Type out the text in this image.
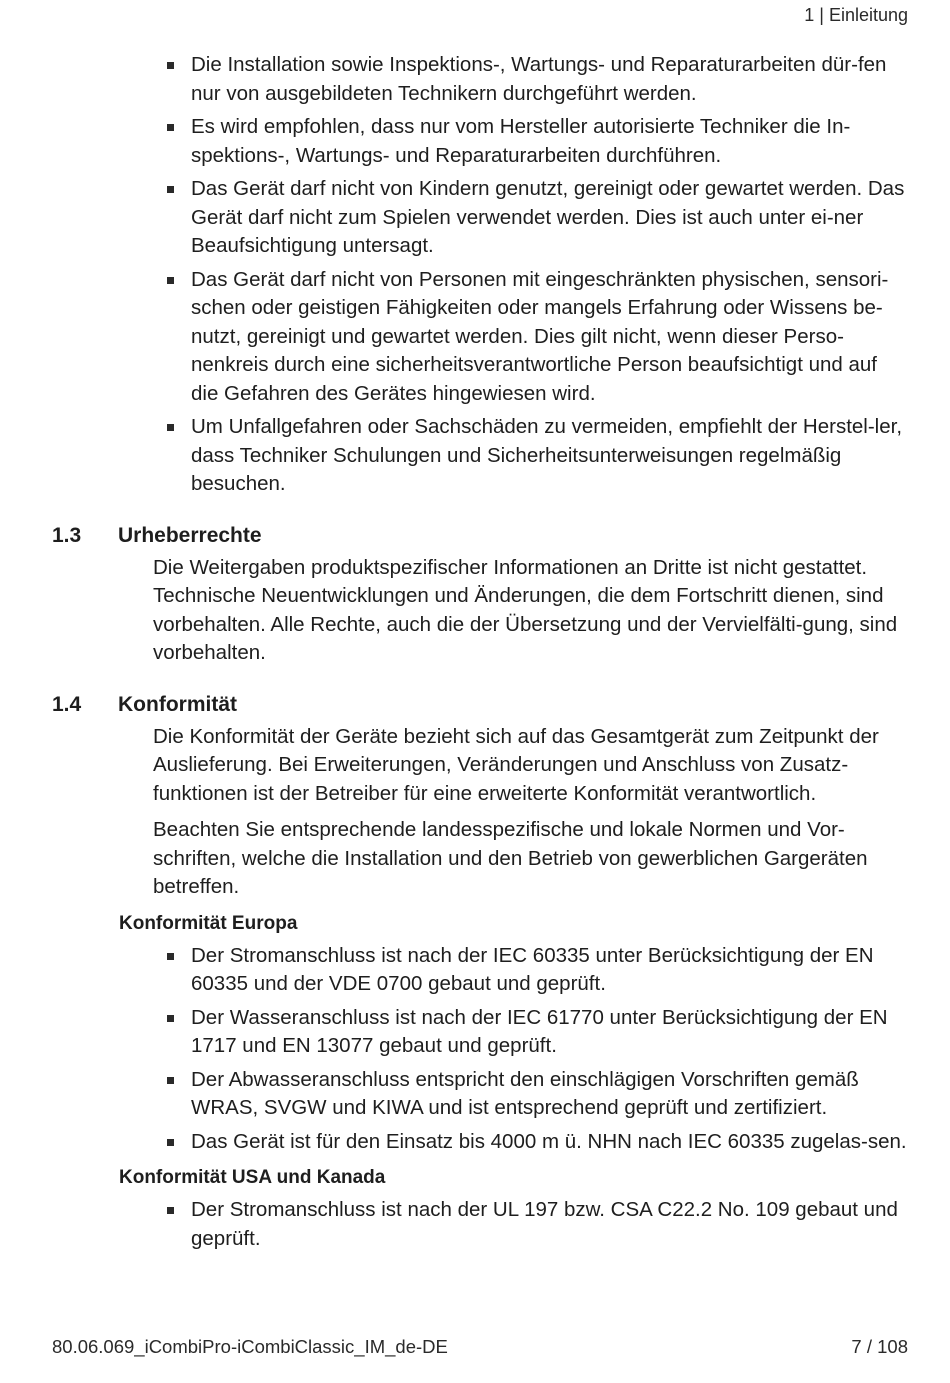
1 | Einleitung
Die Installation sowie Inspektions-, Wartungs- und Reparaturarbeiten dür-fen nur von ausgebildeten Technikern durchgeführt werden.
Es wird empfohlen, dass nur vom Hersteller autorisierte Techniker die In-spektions-, Wartungs- und Reparaturarbeiten durchführen.
Das Gerät darf nicht von Kindern genutzt, gereinigt oder gewartet werden. Das Gerät darf nicht zum Spielen verwendet werden. Dies ist auch unter ei-ner Beaufsichtigung untersagt.
Das Gerät darf nicht von Personen mit eingeschränkten physischen, sensori-schen oder geistigen Fähigkeiten oder mangels Erfahrung oder Wissens be-nutzt, gereinigt und gewartet werden. Dies gilt nicht, wenn dieser Perso-nenkreis durch eine sicherheitsverantwortliche Person beaufsichtigt und auf die Gefahren des Gerätes hingewiesen wird.
Um Unfallgefahren oder Sachschäden zu vermeiden, empfiehlt der Herstel-ler, dass Techniker Schulungen und Sicherheitsunterweisungen regelmäßig besuchen.
1.3 Urheberrechte

Die Weitergaben produktspezifischer Informationen an Dritte ist nicht gestattet. Technische Neuentwicklungen und Änderungen, die dem Fortschritt dienen, sind vorbehalten. Alle Rechte, auch die der Übersetzung und der Vervielfälti-gung, sind vorbehalten.

1.4 Konformität

Die Konformität der Geräte bezieht sich auf das Gesamtgerät zum Zeitpunkt der Auslieferung. Bei Erweiterungen, Veränderungen und Anschluss von Zusatz-funktionen ist der Betreiber für eine erweiterte Konformität verantwortlich.

Beachten Sie entsprechende landesspezifische und lokale Normen und Vor-schriften, welche die Installation und den Betrieb von gewerblichen Gargeräten betreffen.

Konformität Europa
Der Stromanschluss ist nach der IEC 60335 unter Berücksichtigung der EN 60335 und der VDE 0700 gebaut und geprüft.
Der Wasseranschluss ist nach der IEC 61770 unter Berücksichtigung der EN 1717 und EN 13077 gebaut und geprüft.
Der Abwasseranschluss entspricht den einschlägigen Vorschriften gemäß WRAS, SVGW und KIWA und ist entsprechend geprüft und zertifiziert.
Das Gerät ist für den Einsatz bis 4000 m ü. NHN nach IEC 60335 zugelas-sen.
Konformität USA und Kanada
Der Stromanschluss ist nach der UL 197 bzw. CSA C22.2 No. 109 gebaut und geprüft.
80.06.069_iCombiPro-iCombiClassic_IM_de-DE	7 / 108
